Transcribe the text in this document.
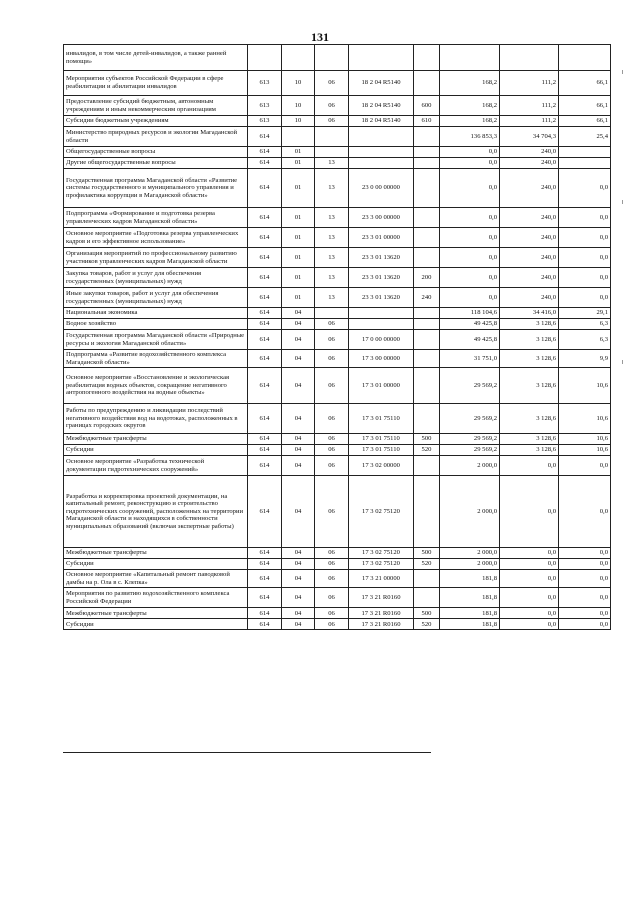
131
инвалидов, в том числе детей-инвалидов, а также ранней помощи»								
Мероприятия субъектов Российской Федерации в сфере реабилитации и абилитации инвалидов	613	10	06	18 2 04 R5140		168,2	111,2	66,1
Предоставление субсидий бюджетным, автономным учреждениям и иным некоммерческим организациям	613	10	06	18 2 04 R5140	600	168,2	111,2	66,1
Субсидии бюджетным учреждениям	613	10	06	18 2 04 R5140	610	168,2	111,2	66,1
Министерство природных ресурсов и экологии Магаданской области	614					136 853,3	34 704,3	25,4
Общегосударственные вопросы	614	01				0,0	240,0	
Другие общегосударственные вопросы	614	01	13			0,0	240,0	
Государственная программа Магаданской области «Развитие системы государственного и муниципального управления и профилактика коррупции в Магаданской области»	614	01	13	23 0 00 00000		0,0	240,0	0,0
Подпрограмма «Формирование и подготовка резерва управленческих кадров Магаданской области»	614	01	13	23 3 00 00000		0,0	240,0	0,0
Основное мероприятие «Подготовка резерва управленческих кадров и его эффективное использование»	614	01	13	23 3 01 00000		0,0	240,0	0,0
Организация мероприятий по профессиональному развитию участников управленческих кадров Магаданской области	614	01	13	23 3 01 13620		0,0	240,0	0,0
Закупка товаров, работ и услуг для обеспечения государственных (муниципальных) нужд	614	01	13	23 3 01 13620	200	0,0	240,0	0,0
Иные закупки товаров, работ и услуг для обеспечения государственных (муниципальных) нужд	614	01	13	23 3 01 13620	240	0,0	240,0	0,0
Национальная экономика	614	04				118 104,6	34 416,0	29,1
Водное хозяйство	614	04	06			49 425,8	3 128,6	6,3
Государственная программа Магаданской области «Природные ресурсы и экология Магаданской области»	614	04	06	17 0 00 00000		49 425,8	3 128,6	6,3
Подпрограмма «Развитие водохозяйственного комплекса Магаданской области»	614	04	06	17 3 00 00000		31 751,0	3 128,6	9,9
Основное мероприятие «Восстановление и экологическая реабилитация водных объектов, сокращение негативного антропогенного воздействия на водные объекты»	614	04	06	17 3 01 00000		29 569,2	3 128,6	10,6
Работы по предупреждению и ликвидации последствий негативного воздействия вод на водотоках, расположенных в границах городских округов	614	04	06	17 3 01 75110		29 569,2	3 128,6	10,6
Межбюджетные трансферты	614	04	06	17 3 01 75110	500	29 569,2	3 128,6	10,6
Субсидии	614	04	06	17 3 01 75110	520	29 569,2	3 128,6	10,6
Основное мероприятие «Разработка технической документации гидротехнических сооружений»	614	04	06	17 3 02 00000		2 000,0	0,0	0,0
Разработка и корректировка проектной документации, на капитальный ремонт, реконструкцию и строительство гидротехнических сооружений, расположенных на территории Магаданской области и находящихся в собственности муниципальных образований (включая экспертные работы)	614	04	06	17 3 02 75120		2 000,0	0,0	0,0
Межбюджетные трансферты	614	04	06	17 3 02 75120	500	2 000,0	0,0	0,0
Субсидии	614	04	06	17 3 02 75120	520	2 000,0	0,0	0,0
Основное мероприятие «Капитальный ремонт паводковой дамбы на р. Ола в с. Клепка»	614	04	06	17 3 21 00000		181,8	0,0	0,0
Мероприятия по развитию водохозяйственного комплекса Российской Федерации	614	04	06	17 3 21 R0160		181,8	0,0	0,0
Межбюджетные трансферты	614	04	06	17 3 21 R0160	500	181,8	0,0	0,0
Субсидии	614	04	06	17 3 21 R0160	520	181,8	0,0	0,0
